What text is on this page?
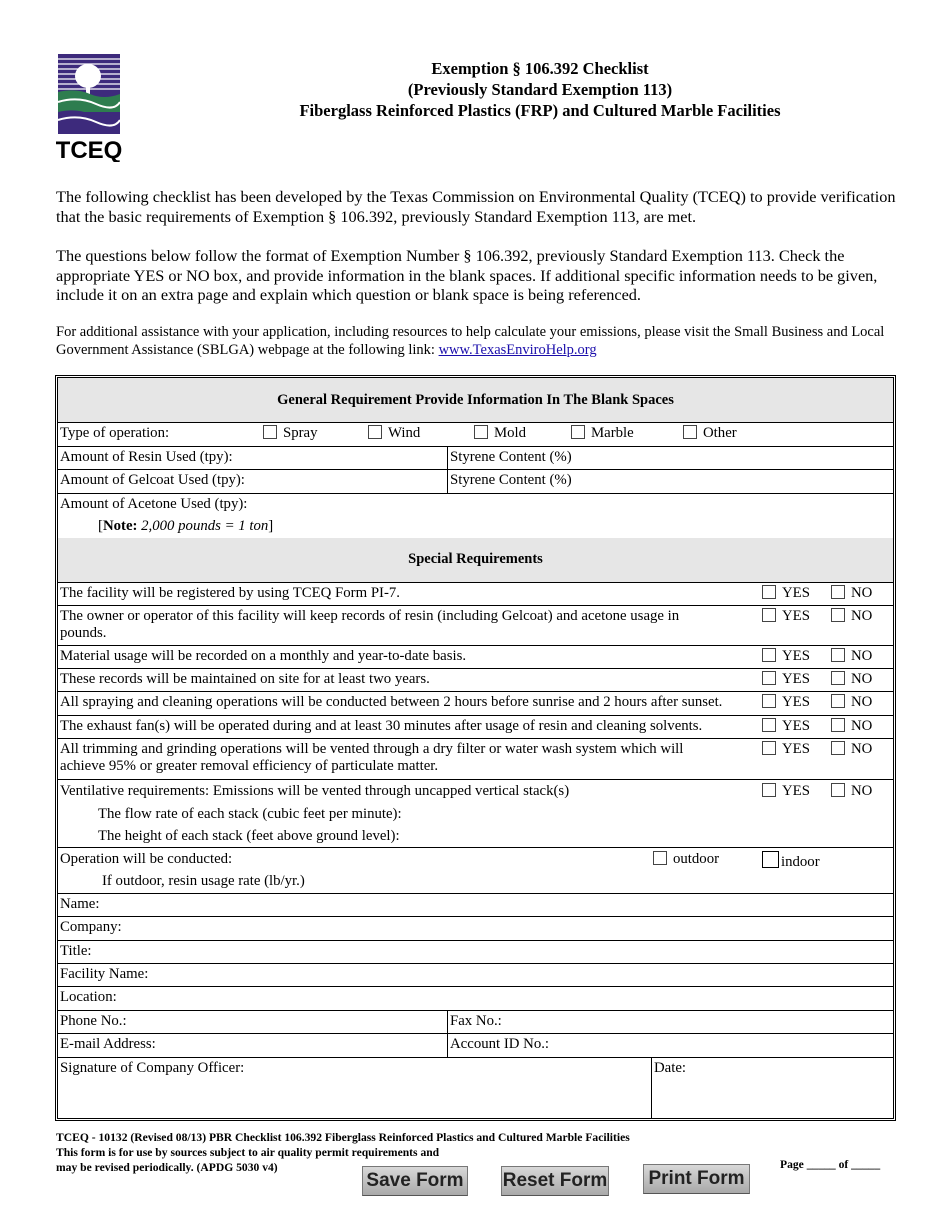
TCEQ
Exemption § 106.392 Checklist
(Previously Standard Exemption 113)
Fiberglass Reinforced Plastics (FRP) and Cultured Marble Facilities
The following checklist has been developed by the Texas Commission on Environmental Quality (TCEQ) to provide verification that the basic requirements of Exemption § 106.392, previously Standard Exemption 113, are met.
The questions below follow the format of Exemption Number § 106.392, previously Standard Exemption 113. Check the appropriate YES or NO box, and provide information in the blank spaces. If additional specific information needs to be given, include it on an extra page and explain which question or blank space is being referenced.
For additional assistance with your application, including resources to help calculate your emissions, please visit the Small Business and Local Government Assistance (SBLGA) webpage at the following link: www.TexasEnviroHelp.org
General Requirement Provide Information In The Blank Spaces
Type of operation:	Spray	Wind	Mold	Marble	Other
Amount of Resin Used (tpy):	Styrene Content (%)
Amount of Gelcoat Used (tpy):	Styrene Content (%)
Amount of Acetone Used (tpy):
[Note: 2,000 pounds = 1 ton]
Special Requirements
The facility will be registered by using TCEQ Form PI-7.	YES	NO
The owner or operator of this facility will keep records of resin (including Gelcoat) and acetone usage in
pounds.
YES	NO
Material usage will be recorded on a monthly and year-to-date basis.	YES	NO
These records will be maintained on site for at least two years.	YES	NO
All spraying and cleaning operations will be conducted between 2 hours before sunrise and 2 hours after sunset.	YES	NO
The exhaust fan(s) will be operated during and at least 30 minutes after usage of resin and cleaning solvents.	YES	NO
All trimming and grinding operations will be vented through a dry filter or water wash system which will
achieve 95% or greater removal efficiency of particulate matter.
YES	NO
Ventilative requirements: Emissions will be vented through uncapped vertical stack(s)	YES	NO
The flow rate of each stack (cubic feet per minute):
The height of each stack (feet above ground level):
Operation will be conducted:	outdoor	indoor
If outdoor, resin usage rate (lb/yr.)
Name:
Company:
Title:
Facility Name:
Location:
Phone No.:	Fax No.:
E-mail Address:	Account ID No.:
Signature of Company Officer:	Date:
TCEQ - 10132 (Revised 08/13) PBR Checklist 106.392 Fiberglass Reinforced Plastics and Cultured Marble Facilities
This form is for use by sources subject to air quality permit requirements and
may be revised periodically. (APDG 5030 v4)
Save Form Reset Form Print Form
Page _____ of _____
